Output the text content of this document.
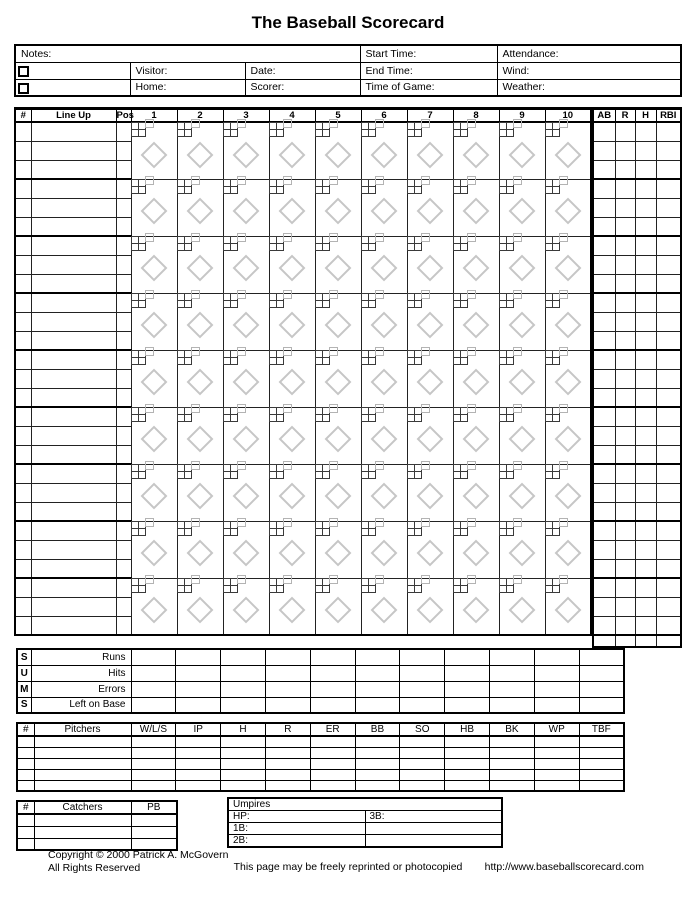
The Baseball Scorecard
Notes:			Start Time:	Attendance:

	Visitor:	Date:	End Time:	Wind:

	Home:	Scorer:	Time of Game:	Weather:
#	Line Up	Pos	1	2	3	4	5	6	7	8	9	10

			AB	R	H	RBI

S	Runs											
U	Hits											
M	Errors											
S	Left on Base											
#	Pitchers	W/L/S	IP	H	R	ER	BB	SO	HB	BK	WP	TBF

#	Catchers	PB

			Umpires	
HP:	3B:
1B:	
2B:	
Copyright © 2000 Patrick A. McGovern
All Rights Reserved	This page may be freely reprinted or photocopied	http://www.baseballscorecard.com
